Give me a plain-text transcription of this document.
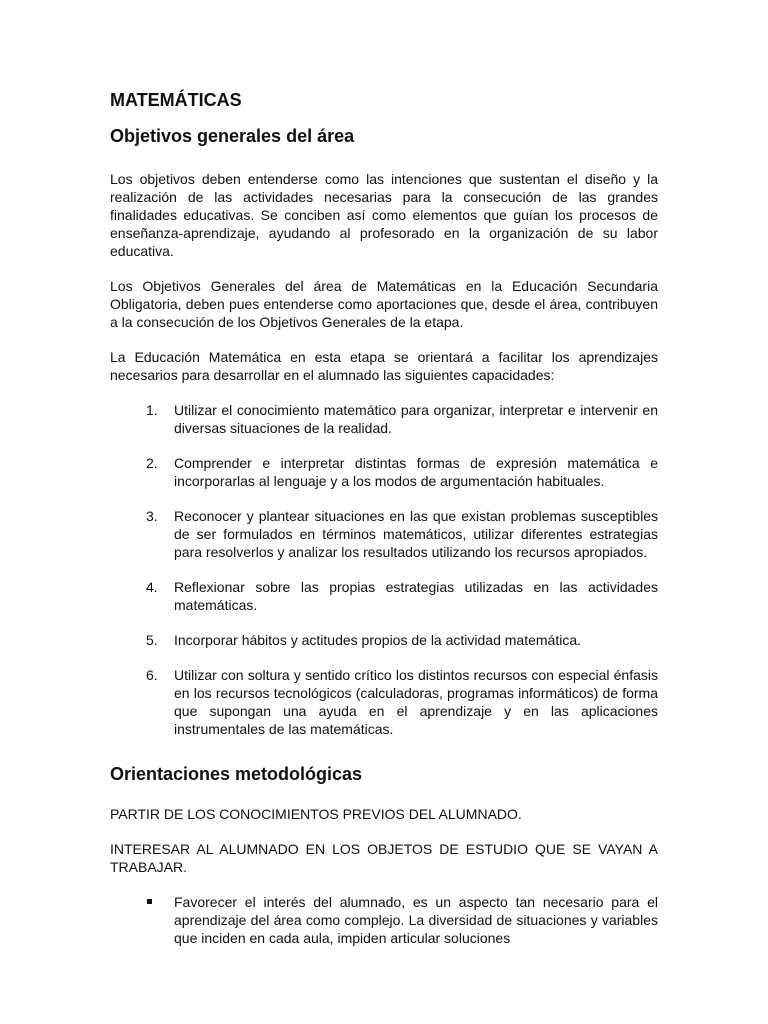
MATEMÁTICAS
Objetivos generales del área

Los objetivos deben entenderse como las intenciones que sustentan el diseño y la realización de las actividades necesarias para la consecución de las grandes finalidades educativas. Se conciben así como elementos que guían los procesos de enseñanza-aprendizaje, ayudando al profesorado en la organización de su labor educativa.

Los Objetivos Generales del área de Matemáticas en la Educación Secundaria Obligatoria, deben pues entenderse como aportaciones que, desde el área, contribuyen a la consecución de los Objetivos Generales de la etapa.

La Educación Matemática en esta etapa se orientará a facilitar los aprendizajes necesarios para desarrollar en el alumnado las siguientes capacidades:

1. Utilizar el conocimiento matemático para organizar, interpretar e intervenir en diversas situaciones de la realidad.
2. Comprender e interpretar distintas formas de expresión matemática e incorporarlas al lenguaje y a los modos de argumentación habituales.
3. Reconocer y plantear situaciones en las que existan problemas susceptibles de ser formulados en términos matemáticos, utilizar diferentes estrategias para resolverlos y analizar los resultados utilizando los recursos apropiados.
4. Reflexionar sobre las propias estrategias utilizadas en las actividades matemáticas.
5. Incorporar hábitos y actitudes propios de la actividad matemática.
6. Utilizar con soltura y sentido crítico los distintos recursos con especial énfasis en los recursos tecnológicos (calculadoras, programas informáticos) de forma que supongan una ayuda en el aprendizaje y en las aplicaciones instrumentales de las matemáticas.
Orientaciones metodológicas

PARTIR DE LOS CONOCIMIENTOS PREVIOS DEL ALUMNADO.

INTERESAR AL ALUMNADO EN LOS OBJETOS DE ESTUDIO QUE SE VAYAN A TRABAJAR.

Favorecer el interés del alumnado, es un aspecto tan necesario para el aprendizaje del área como complejo. La diversidad de situaciones y variables que inciden en cada aula, impiden articular soluciones
